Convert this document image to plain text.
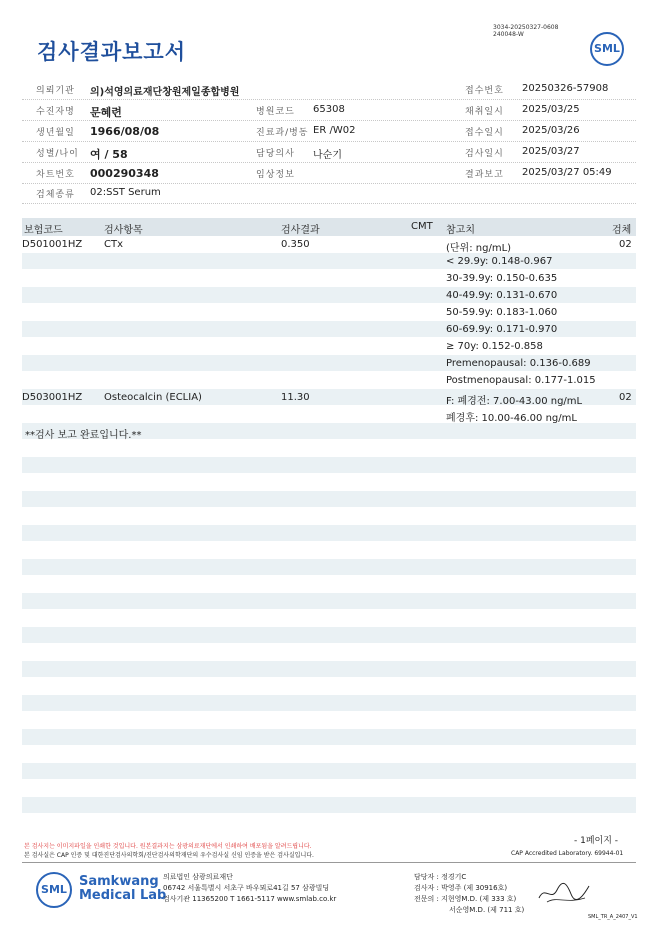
검사결과보고서
3034-20250327-0608
240048-W
SML
의뢰기관 의)석영의료재단창원제일종합병원	접수번호 20250326-57908
수진자명 문혜련	병원코드 65308	채취일시 2025/03/25
생년월일 1966/08/08	진료과/병동 ER /W02	접수일시 2025/03/26
성별/나이 여 / 58	담당의사 나순기	검사일시 2025/03/27
차트번호 000290348	임상정보	결과보고 2025/03/27 05:49
검체종류 02:SST Serum
보험코드	검사항목	검사결과	CMT 참고치	검체
D501001HZ CTx	0.350	(단위: ng/mL)	02
< 29.9y: 0.148-0.967
30-39.9y: 0.150-0.635
40-49.9y: 0.131-0.670
50-59.9y: 0.183-1.060
60-69.9y: 0.171-0.970
≥ 70y: 0.152-0.858
Premenopausal: 0.136-0.689
Postmenopausal: 0.177-1.015
D503001HZ Osteocalcin (ECLIA)	11.30	F: 폐경전: 7.00-43.00 ng/mL	02
폐경후: 10.00-46.00 ng/mL
**검사 보고 완료입니다.**
- 1페이지 -
본 검사지는 이미지파일을 인쇄한 것입니다. 원본결과지는 삼광의료재단에서 인쇄하여 배포됨을 알려드립니다.
본 검사실은 CAP 인증 및 대한진단검사의학회/진단검사의학재단의 우수검사실 신임 인증을 받은 검사실입니다.	CAP Accredited Laboratory. 69944-01
SML
Samkwang
Medical Lab
의료법인 삼광의료재단
06742 서울특별시 서초구 바우뫼로41길 57 삼광빌딩
검사기관 11365200 T 1661-5117 www.smlab.co.kr
담당자 : 정경기C
검사자 : 박영주 (제 30916호)
전문의 : 지현영M.D. (제 333 호)
서순영M.D. (제 711 호)
SML_TR_A_2407_V1
